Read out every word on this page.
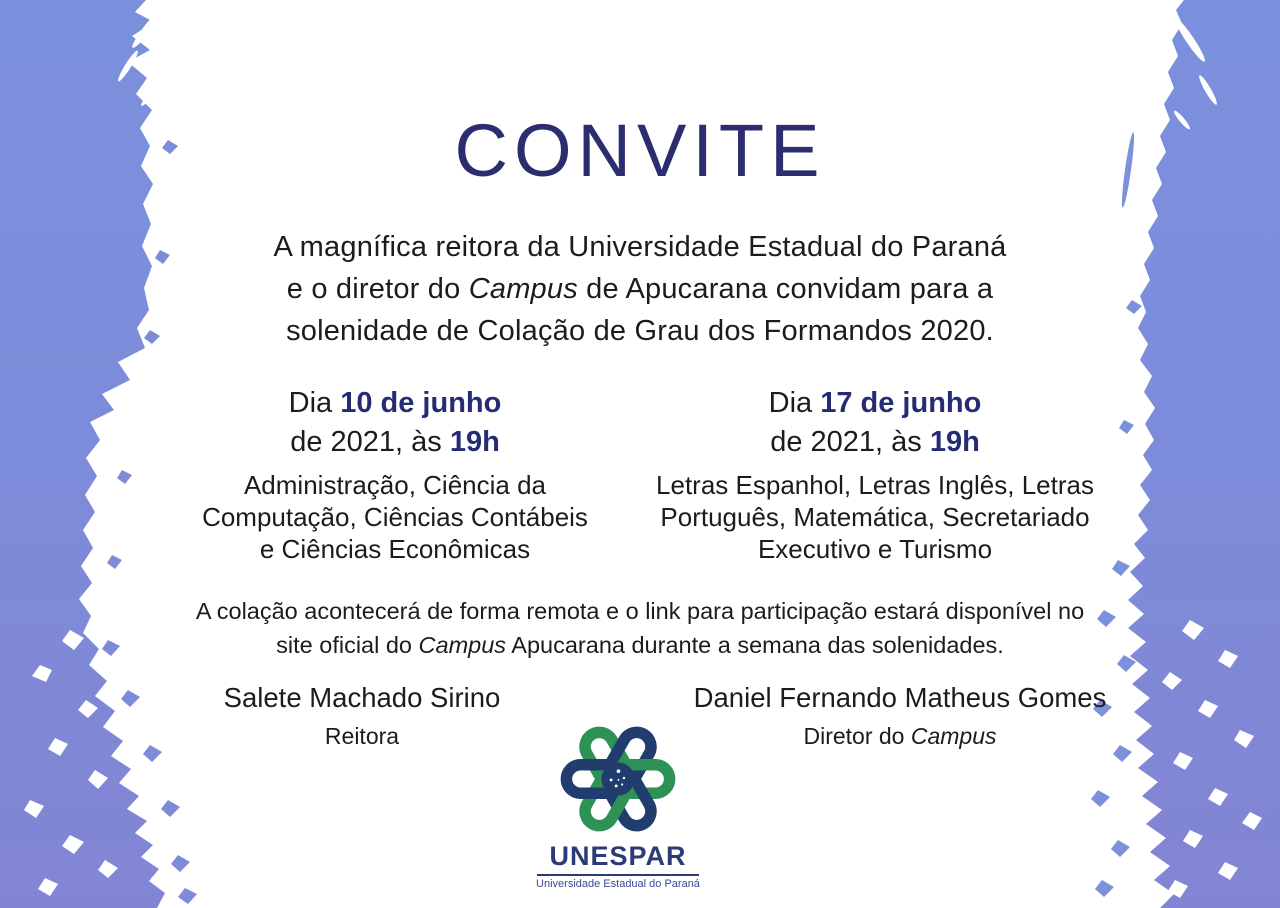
CONVITE
A magnífica reitora da Universidade Estadual do Paraná
e o diretor do Campus de Apucarana convidam para a
solenidade de Colação de Grau dos Formandos 2020.
Dia 10 de junho
de 2021, às 19h
Administração, Ciência da
Computação, Ciências Contábeis
e Ciências Econômicas
Dia 17 de junho
de 2021, às 19h
Letras Espanhol, Letras Inglês, Letras
Português, Matemática, Secretariado
Executivo e Turismo
A colação acontecerá de forma remota e o link para participação estará disponível no
site oficial do Campus Apucarana durante a semana das solenidades.
Salete Machado Sirino
Reitora
Daniel Fernando Matheus Gomes
Diretor do Campus
UNESPAR
Universidade Estadual do Paraná
